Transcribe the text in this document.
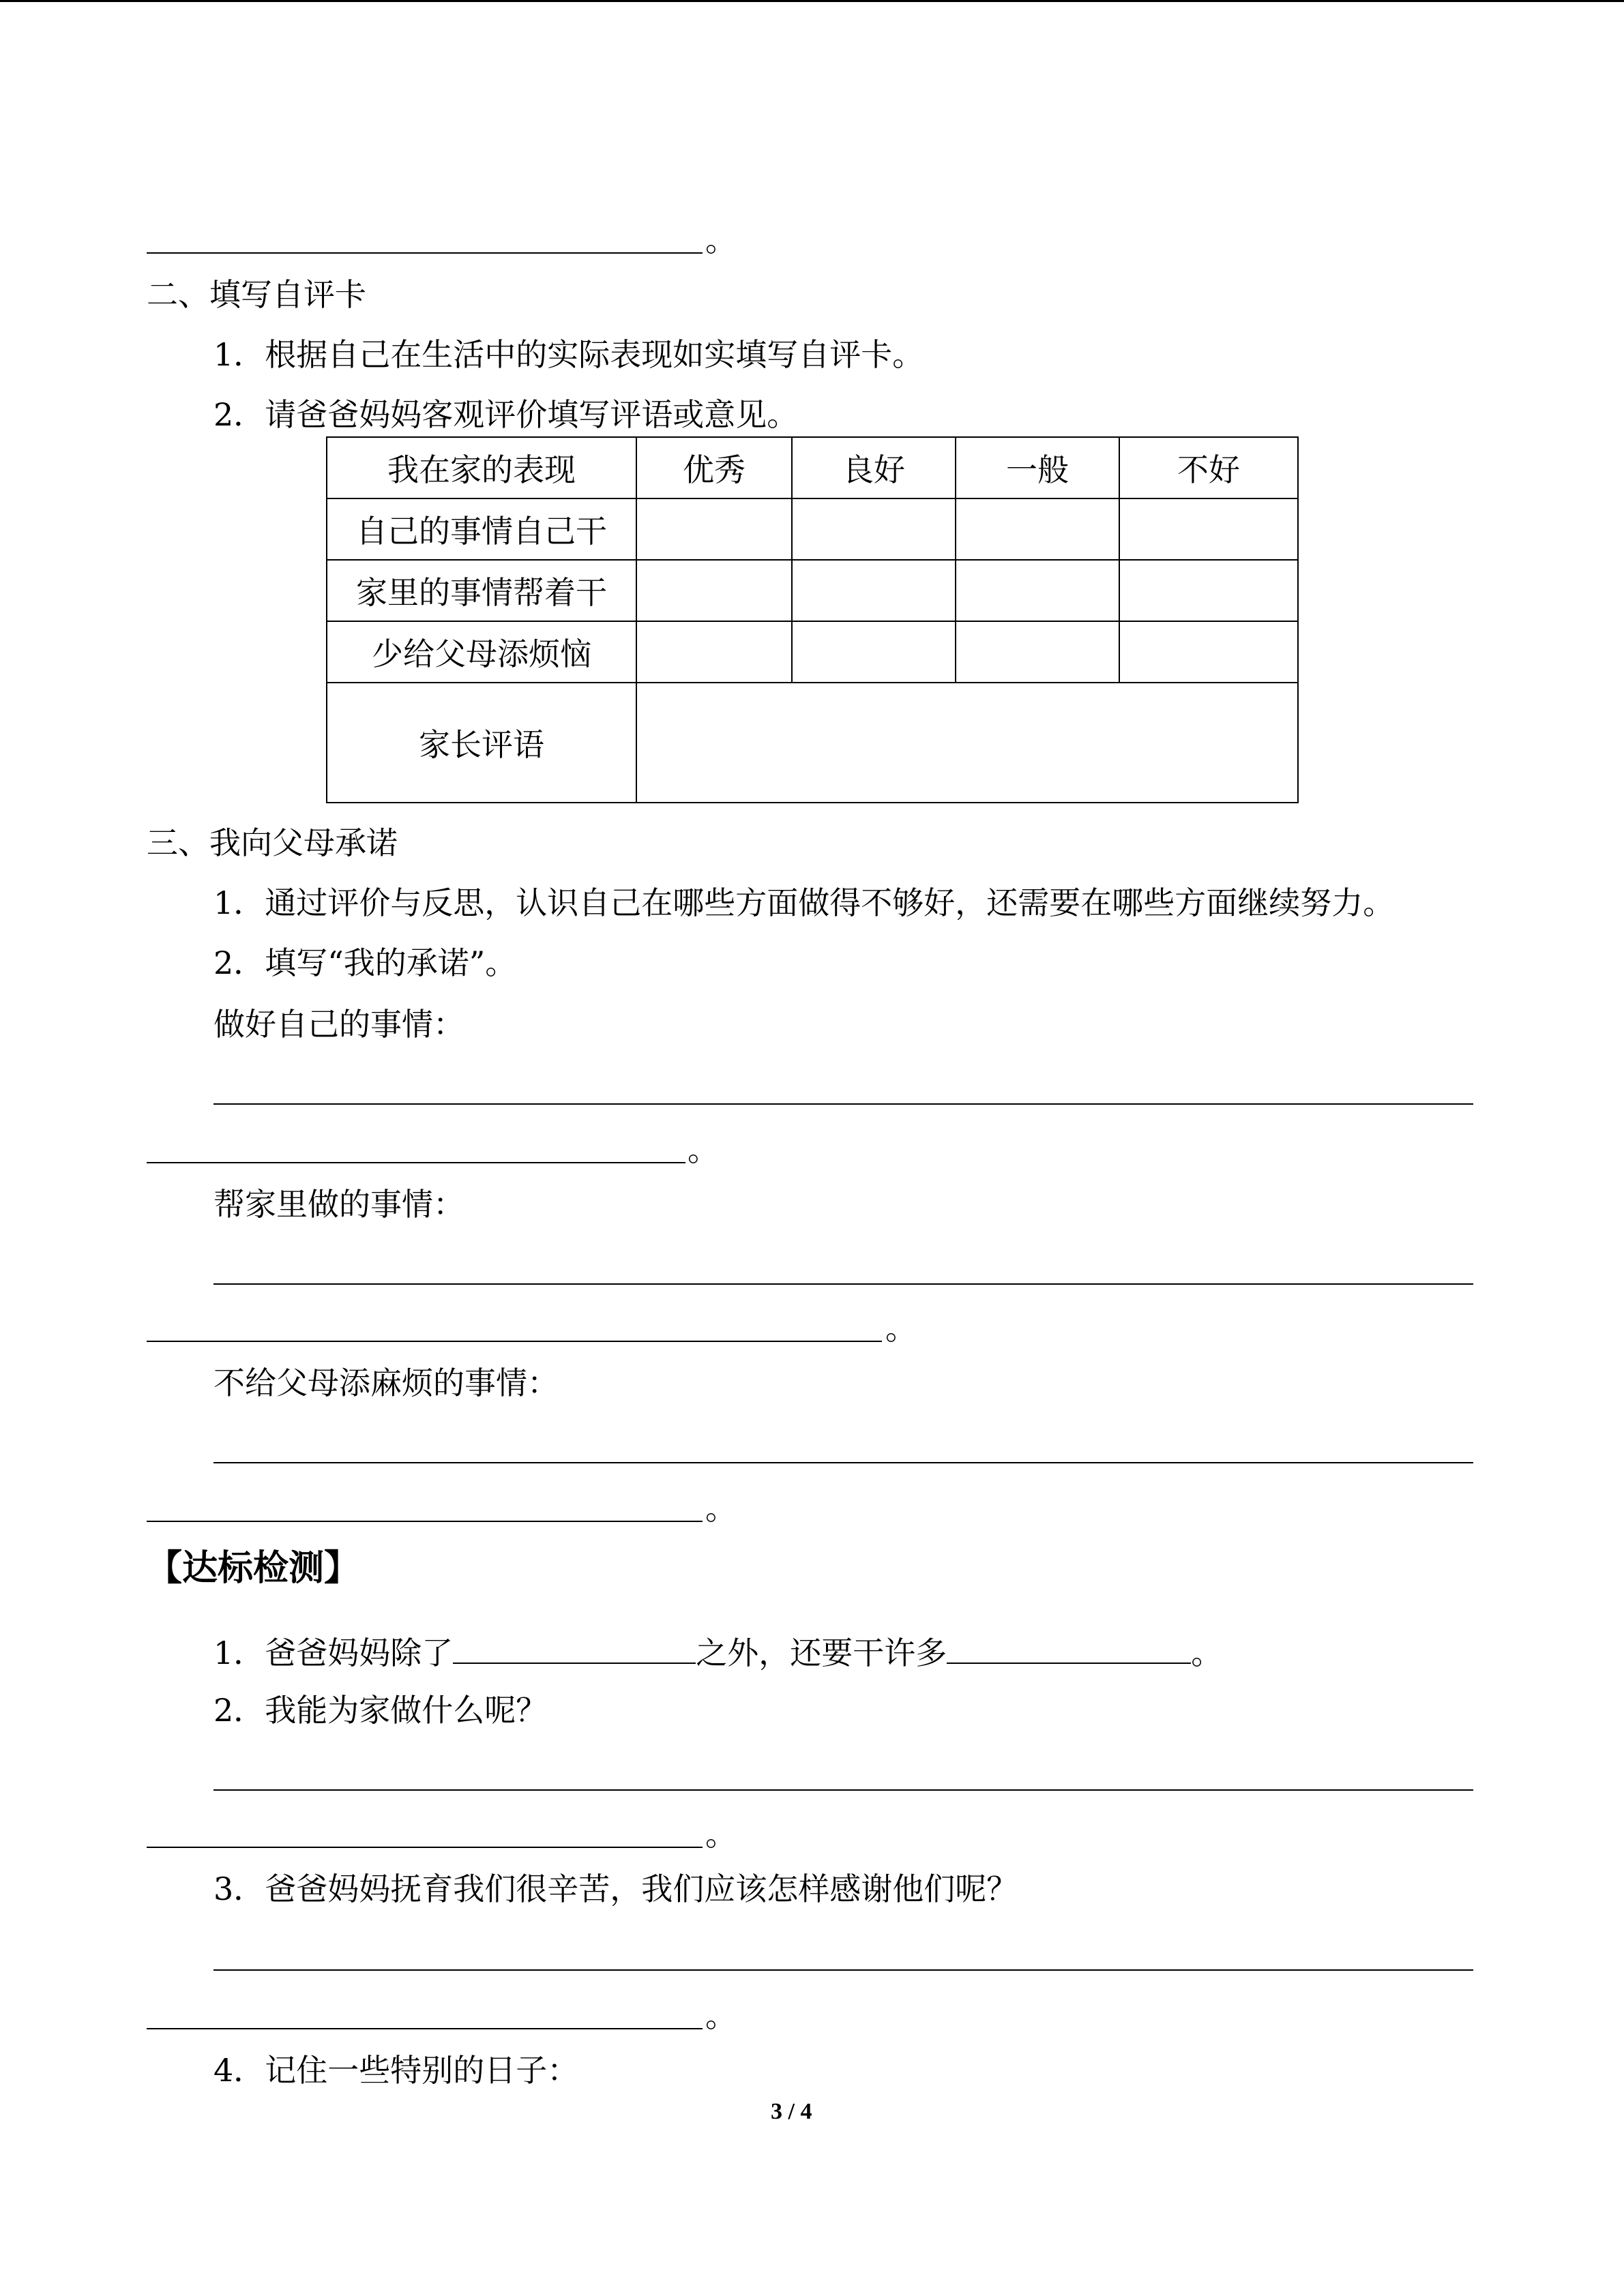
。
二、填写自评卡
1．根据自己在生活中的实际表现如实填写自评卡。
2．请爸爸妈妈客观评价填写评语或意见。
我在家的表现	优秀	良好	一般	不好
自己的事情自己干				
家里的事情帮着干				
少给父母添烦恼				
家长评语				
三、我向父母承诺
1．通过评价与反思，认识自己在哪些方面做得不够好，还需要在哪些方面继续努力。
2．填写“我的承诺”。
做好自己的事情：
。
帮家里做的事情：
。
不给父母添麻烦的事情：
。
【达标检测】
1．爸爸妈妈除了	之外，还要干许多	。
2．我能为家做什么呢？
。
3．爸爸妈妈抚育我们很辛苦，我们应该怎样感谢他们呢？
。
4．记住一些特别的日子：
3 / 4
